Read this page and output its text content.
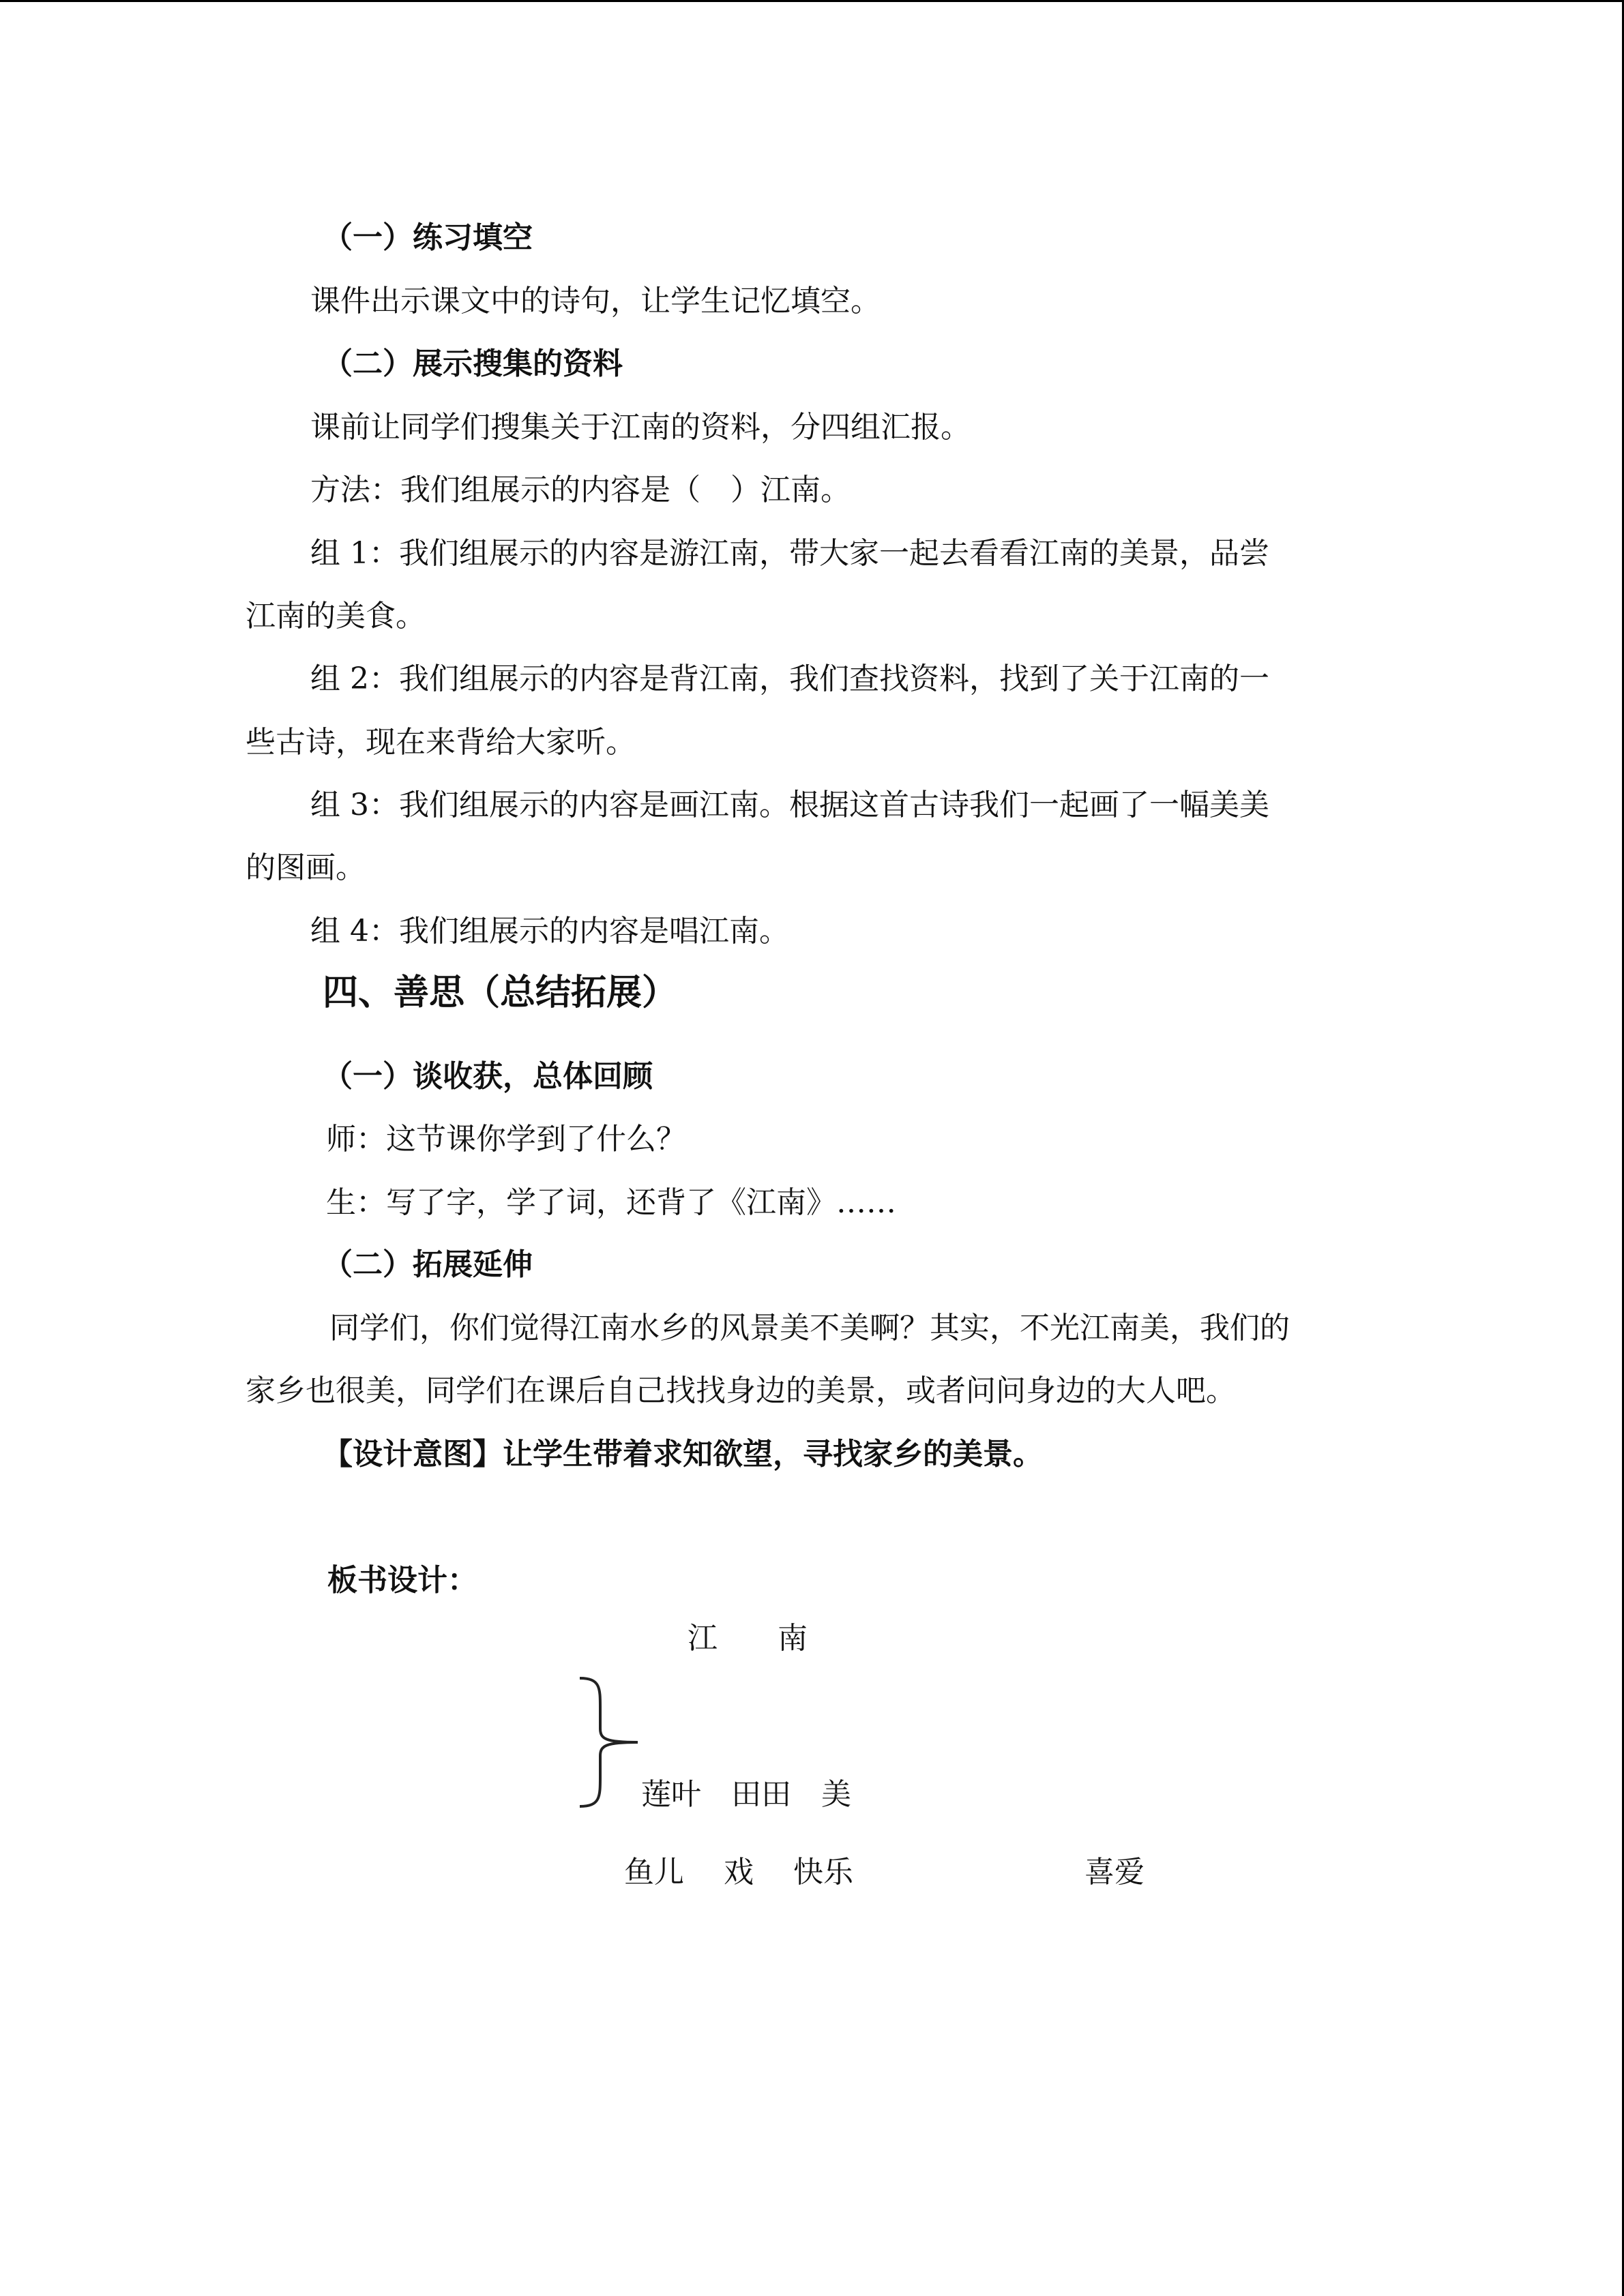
（一）练习填空
课件出示课文中的诗句，让学生记忆填空。
（二）展示搜集的资料
课前让同学们搜集关于江南的资料，分四组汇报。
方法：我们组展示的内容是（　）江南。
组 1：我们组展示的内容是游江南，带大家一起去看看江南的美景，品尝
江南的美食。
组 2：我们组展示的内容是背江南，我们查找资料，找到了关于江南的一
些古诗，现在来背给大家听。
组 3：我们组展示的内容是画江南。根据这首古诗我们一起画了一幅美美
的图画。
组 4：我们组展示的内容是唱江南。
四、善思（总结拓展）
（一）谈收获，总体回顾
师：这节课你学到了什么？
生：写了字，学了词，还背了《江南》……
（二）拓展延伸
同学们，你们觉得江南水乡的风景美不美啊？其实，不光江南美，我们的
家乡也很美，同学们在课后自己找找身边的美景，或者问问身边的大人吧。
【设计意图】让学生带着求知欲望，寻找家乡的美景。
板书设计：
江　　南
莲叶　田田　美
鱼儿　 戏　 快乐	喜爱
